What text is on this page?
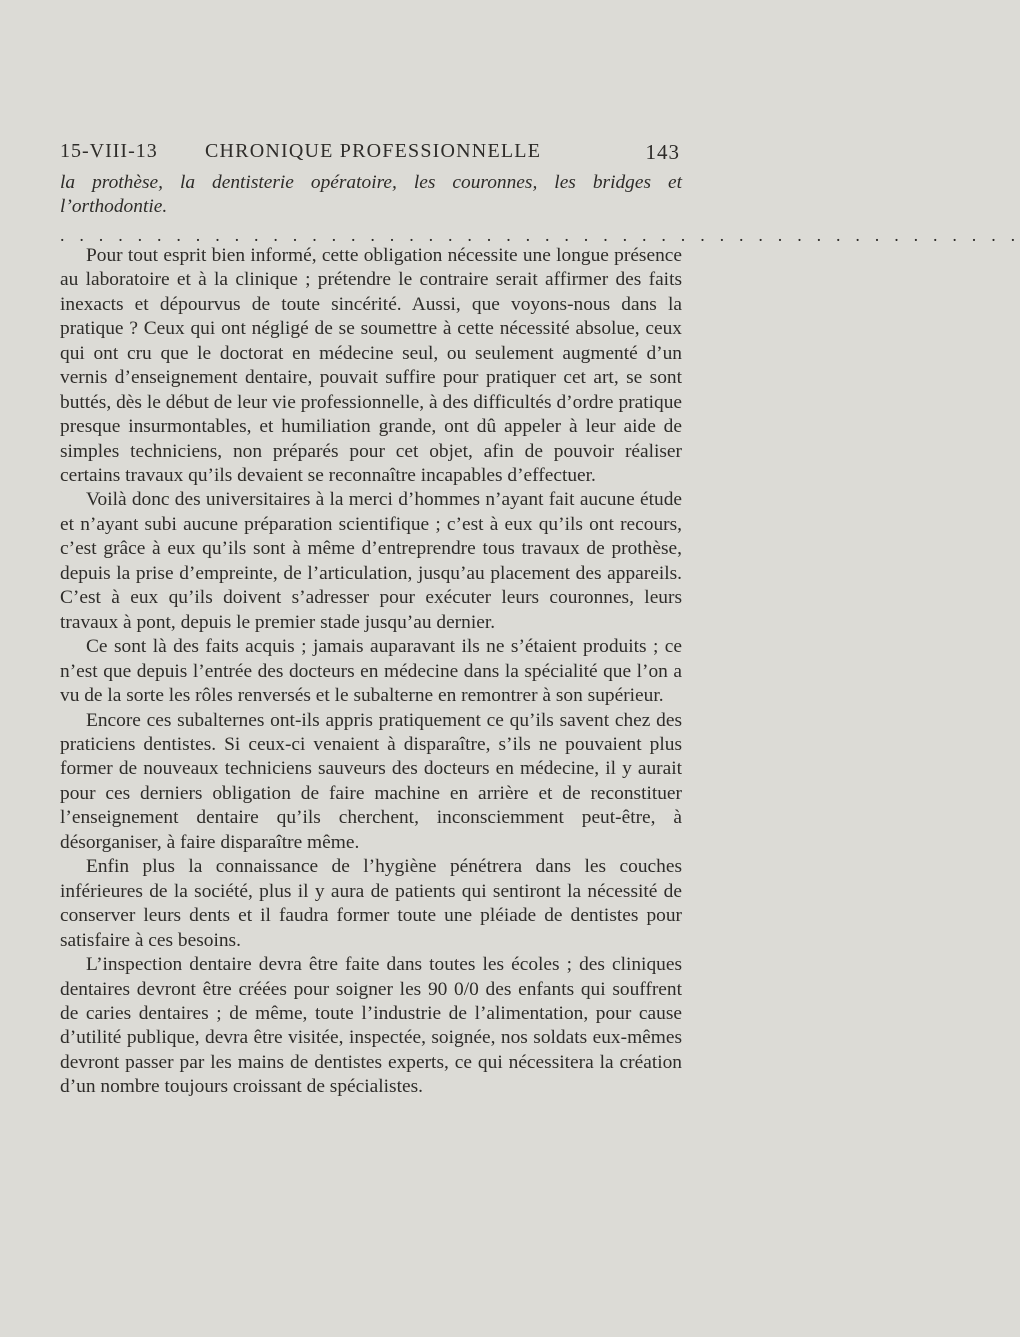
15-VIII-13 CHRONIQUE PROFESSIONNELLE	143

la prothèse, la dentisterie opératoire, les couronnes, les bridges et l’orthodontie.

. . . . . . . . . . . . . . . . . . . . . . . . . . . . . . . . . . . . . . . . . . . . . . . . . .

Pour tout esprit bien informé, cette obligation nécessite une longue présence au laboratoire et à la clinique ; prétendre le contraire serait affirmer des faits inexacts et dépourvus de toute sincérité. Aussi, que voyons-nous dans la pratique ? Ceux qui ont négligé de se soumettre à cette nécessité absolue, ceux qui ont cru que le doctorat en médecine seul, ou seulement augmenté d’un vernis d’enseignement dentaire, pouvait suffire pour pratiquer cet art, se sont buttés, dès le début de leur vie professionnelle, à des difficultés d’ordre pratique presque insurmontables, et humiliation grande, ont dû appeler à leur aide de simples techniciens, non préparés pour cet objet, afin de pouvoir réaliser certains travaux qu’ils devaient se reconnaître incapables d’effectuer.

Voilà donc des universitaires à la merci d’hommes n’ayant fait aucune étude et n’ayant subi aucune préparation scientifique ; c’est à eux qu’ils ont recours, c’est grâce à eux qu’ils sont à même d’entreprendre tous travaux de prothèse, depuis la prise d’empreinte, de l’articulation, jusqu’au placement des appareils. C’est à eux qu’ils doivent s’adresser pour exécuter leurs couronnes, leurs travaux à pont, depuis le premier stade jusqu’au dernier.

Ce sont là des faits acquis ; jamais auparavant ils ne s’étaient produits ; ce n’est que depuis l’entrée des docteurs en médecine dans la spécialité que l’on a vu de la sorte les rôles renversés et le subalterne en remontrer à son supérieur.

Encore ces subalternes ont-ils appris pratiquement ce qu’ils savent chez des praticiens dentistes. Si ceux-ci venaient à disparaître, s’ils ne pouvaient plus former de nouveaux techniciens sauveurs des docteurs en médecine, il y aurait pour ces derniers obligation de faire machine en arrière et de reconstituer l’enseignement dentaire qu’ils cherchent, inconsciemment peut-être, à désorganiser, à faire disparaître même.

Enfin plus la connaissance de l’hygiène pénétrera dans les couches inférieures de la société, plus il y aura de patients qui sentiront la nécessité de conserver leurs dents et il faudra former toute une pléiade de dentistes pour satisfaire à ces besoins.

L’inspection dentaire devra être faite dans toutes les écoles ; des cliniques dentaires devront être créées pour soigner les 90 0/0 des enfants qui souffrent de caries dentaires ; de même, toute l’industrie de l’alimentation, pour cause d’utilité publique, devra être visitée, inspectée, soignée, nos soldats eux-mêmes devront passer par les mains de dentistes experts, ce qui nécessitera la création d’un nombre toujours croissant de spécialistes.
